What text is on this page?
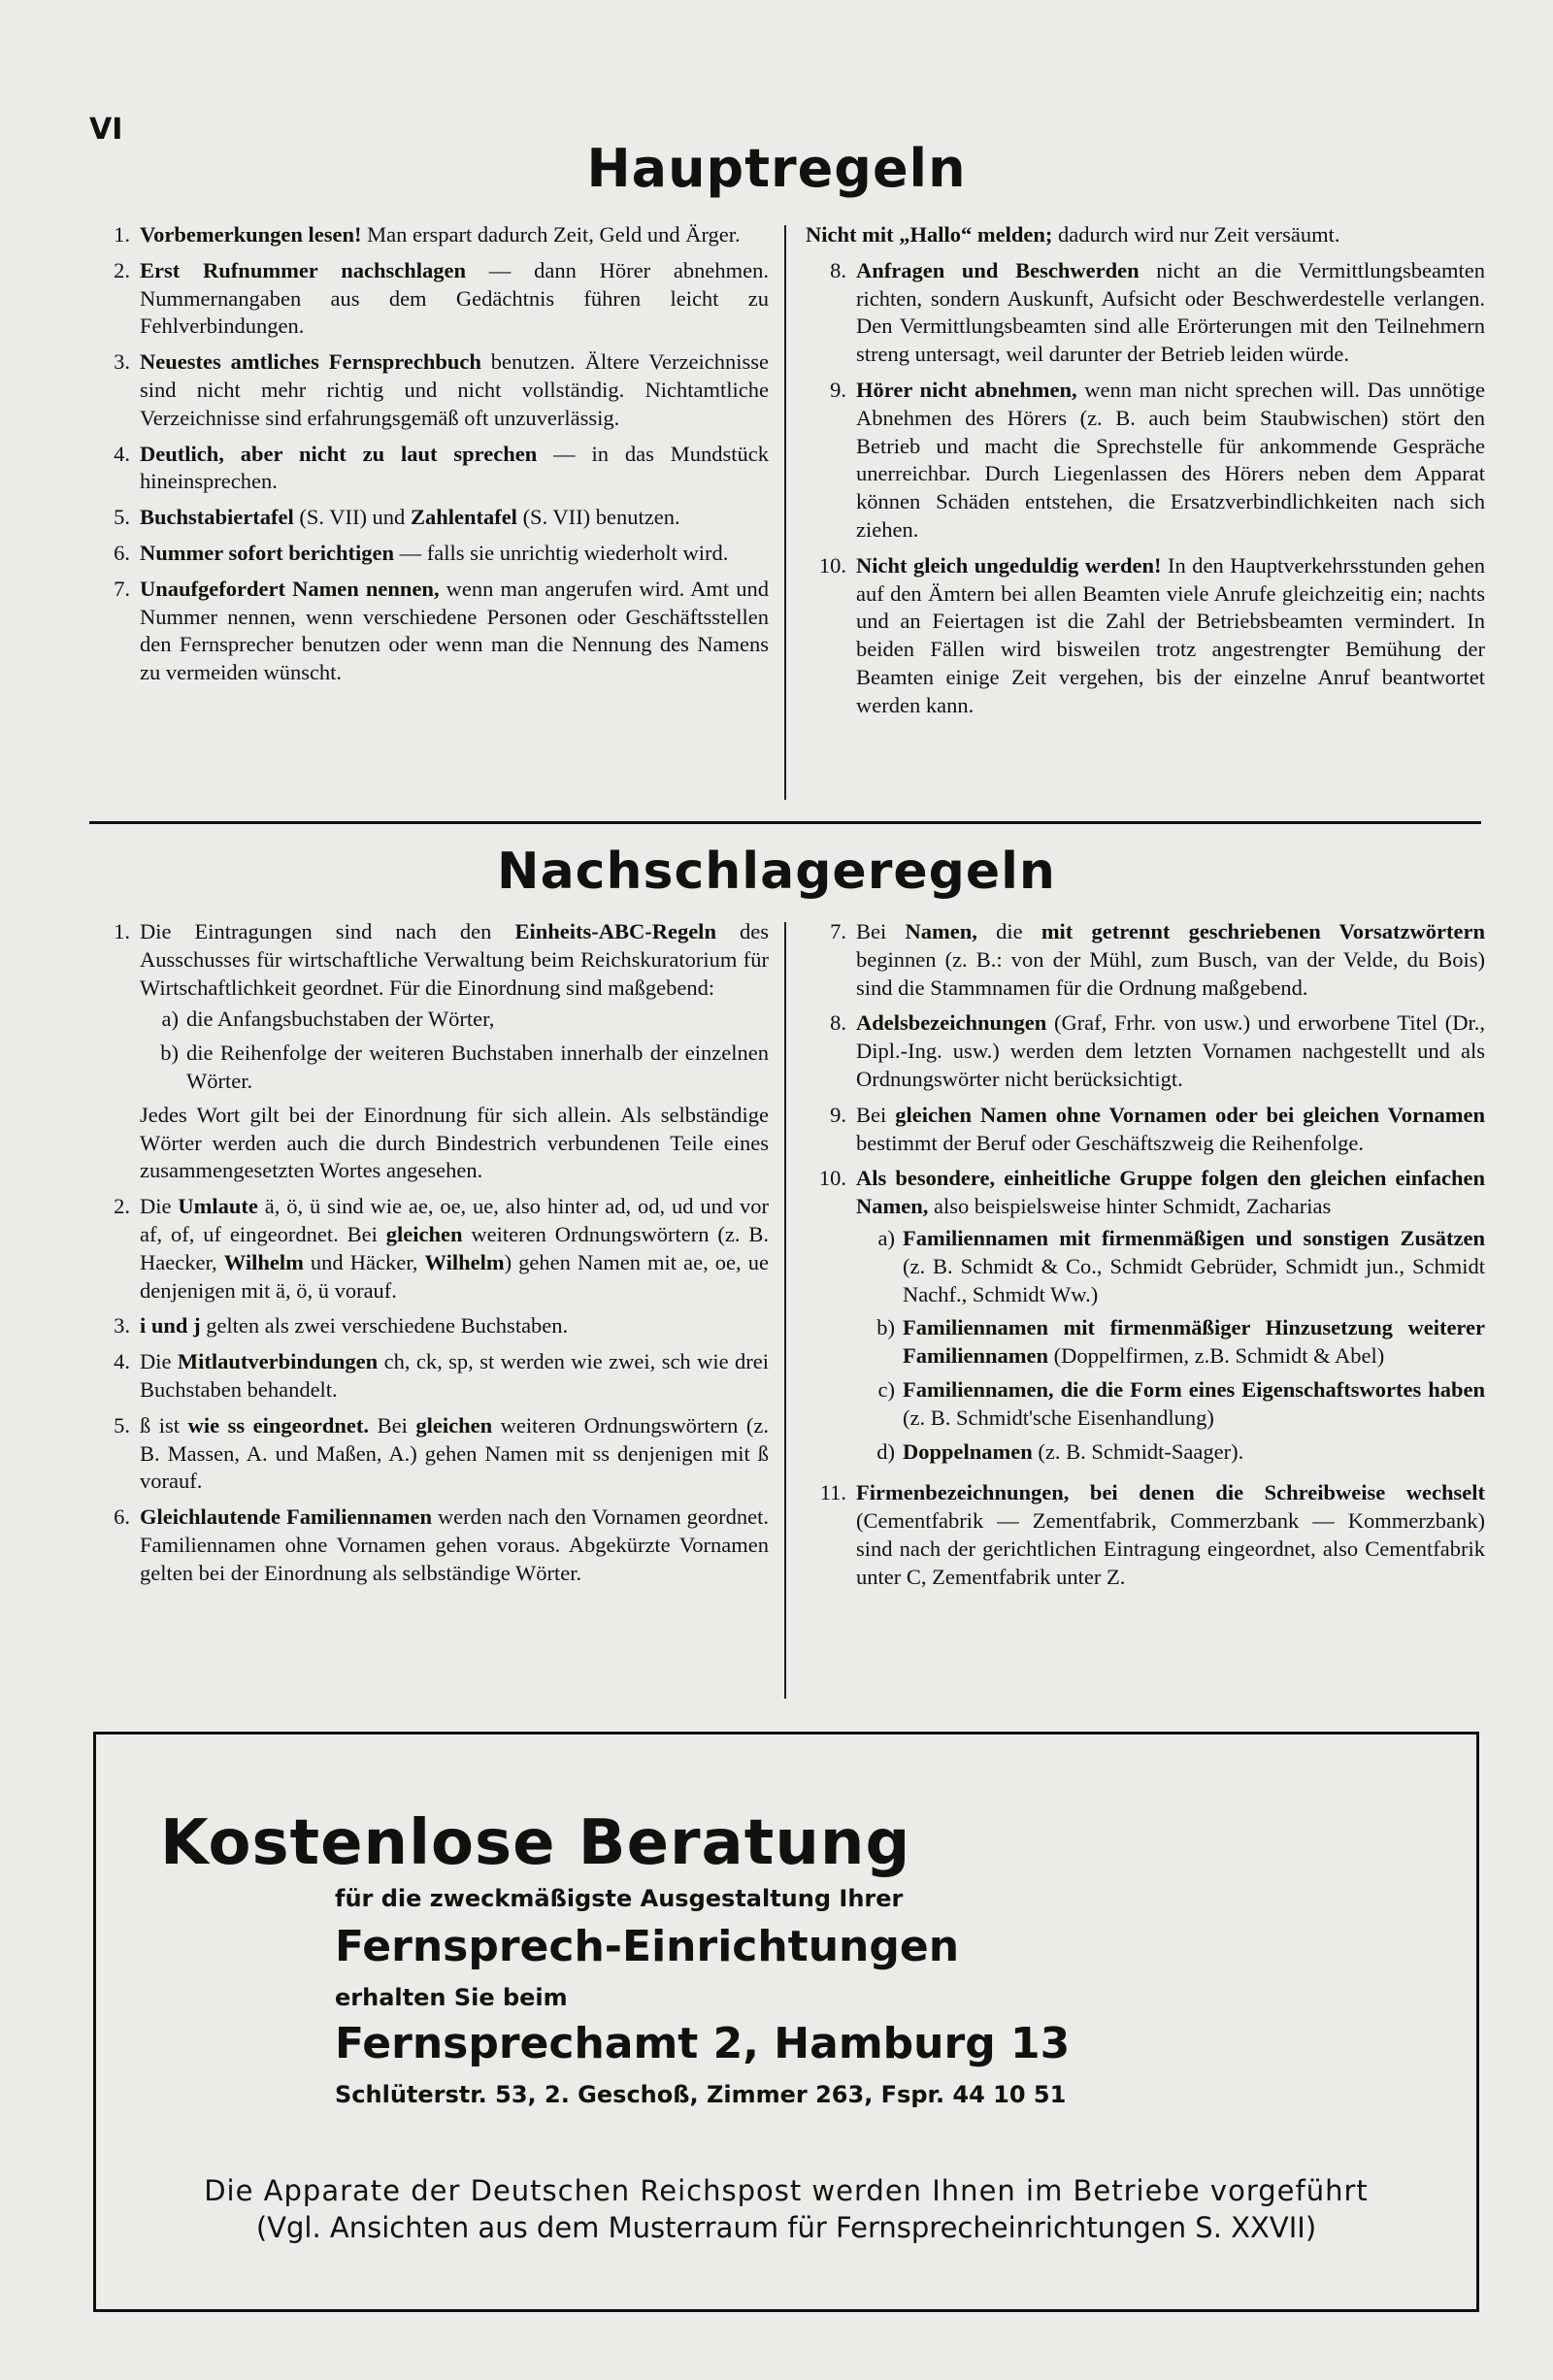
VI
Hauptregeln
1. Vorbemerkungen lesen! Man erspart dadurch Zeit, Geld und Ärger.
2. Erst Rufnummer nachschlagen — dann Hörer abnehmen. Nummernangaben aus dem Gedächtnis führen leicht zu Fehlverbindungen.
3. Neuestes amtliches Fernsprechbuch benutzen. Ältere Verzeichnisse sind nicht mehr richtig und nicht vollständig. Nichtamtliche Verzeichnisse sind erfahrungsgemäß oft unzuverlässig.
4. Deutlich, aber nicht zu laut sprechen — in das Mundstück hineinsprechen.
5. Buchstabiertafel (S. VII) und Zahlentafel (S. VII) benutzen.
6. Nummer sofort berichtigen — falls sie unrichtig wiederholt wird.
7. Unaufgefordert Namen nennen, wenn man angerufen wird. Amt und Nummer nennen, wenn verschiedene Personen oder Geschäftsstellen den Fernsprecher benutzen oder wenn man die Nennung des Namens zu vermeiden wünscht.
Nicht mit „Hallo“ melden; dadurch wird nur Zeit versäumt.
8. Anfragen und Beschwerden nicht an die Vermittlungsbeamten richten, sondern Auskunft, Aufsicht oder Beschwerdestelle verlangen. Den Vermittlungsbeamten sind alle Erörterungen mit den Teilnehmern streng untersagt, weil darunter der Betrieb leiden würde.
9. Hörer nicht abnehmen, wenn man nicht sprechen will. Das unnötige Abnehmen des Hörers (z. B. auch beim Staubwischen) stört den Betrieb und macht die Sprechstelle für ankommende Gespräche unerreichbar. Durch Liegenlassen des Hörers neben dem Apparat können Schäden entstehen, die Ersatzverbindlichkeiten nach sich ziehen.
10. Nicht gleich ungeduldig werden! In den Hauptverkehrsstunden gehen auf den Ämtern bei allen Beamten viele Anrufe gleichzeitig ein; nachts und an Feiertagen ist die Zahl der Betriebsbeamten vermindert. In beiden Fällen wird bisweilen trotz angestrengter Bemühung der Beamten einige Zeit vergehen, bis der einzelne Anruf beantwortet werden kann.
Nachschlageregeln
1. Die Eintragungen sind nach den Einheits-ABC-Regeln des Ausschusses für wirtschaftliche Verwaltung beim Reichskuratorium für Wirtschaftlichkeit geordnet. Für die Einordnung sind maßgebend:
a) die Anfangsbuchstaben der Wörter,
b) die Reihenfolge der weiteren Buchstaben innerhalb der einzelnen Wörter.
Jedes Wort gilt bei der Einordnung für sich allein. Als selbständige Wörter werden auch die durch Bindestrich verbundenen Teile eines zusammengesetzten Wortes angesehen.
2. Die Umlaute ä, ö, ü sind wie ae, oe, ue, also hinter ad, od, ud und vor af, of, uf eingeordnet. Bei gleichen weiteren Ordnungswörtern (z. B. Haecker, Wilhelm und Häcker, Wilhelm) gehen Namen mit ae, oe, ue denjenigen mit ä, ö, ü vorauf.
3. i und j gelten als zwei verschiedene Buchstaben.
4. Die Mitlautverbindungen ch, ck, sp, st werden wie zwei, sch wie drei Buchstaben behandelt.
5. ß ist wie ss eingeordnet. Bei gleichen weiteren Ordnungswörtern (z. B. Massen, A. und Maßen, A.) gehen Namen mit ss denjenigen mit ß vorauf.
6. Gleichlautende Familiennamen werden nach den Vornamen geordnet. Familiennamen ohne Vornamen gehen voraus. Abgekürzte Vornamen gelten bei der Einordnung als selbständige Wörter.
7. Bei Namen, die mit getrennt geschriebenen Vorsatzwörtern beginnen (z. B.: von der Mühl, zum Busch, van der Velde, du Bois) sind die Stammnamen für die Ordnung maßgebend.
8. Adelsbezeichnungen (Graf, Frhr. von usw.) und erworbene Titel (Dr., Dipl.-Ing. usw.) werden dem letzten Vornamen nachgestellt und als Ordnungswörter nicht berücksichtigt.
9. Bei gleichen Namen ohne Vornamen oder bei gleichen Vornamen bestimmt der Beruf oder Geschäftszweig die Reihenfolge.
10. Als besondere, einheitliche Gruppe folgen den gleichen einfachen Namen, also beispielsweise hinter Schmidt, Zacharias
a) Familiennamen mit firmenmäßigen und sonstigen Zusätzen (z. B. Schmidt & Co., Schmidt Gebrüder, Schmidt jun., Schmidt Nachf., Schmidt Ww.)
b) Familiennamen mit firmenmäßiger Hinzusetzung weiterer Familiennamen (Doppelfirmen, z.B. Schmidt & Abel)
c) Familiennamen, die die Form eines Eigenschaftswortes haben (z. B. Schmidt'sche Eisenhandlung)
d) Doppelnamen (z. B. Schmidt-Saager).
11. Firmenbezeichnungen, bei denen die Schreibweise wechselt (Cementfabrik — Zementfabrik, Commerzbank — Kommerzbank) sind nach der gerichtlichen Eintragung eingeordnet, also Cementfabrik unter C, Zementfabrik unter Z.
Kostenlose Beratung
für die zweckmäßigste Ausgestaltung Ihrer
Fernsprech-Einrichtungen
erhalten Sie beim
Fernsprechamt 2, Hamburg 13
Schlüterstr. 53, 2. Geschoß, Zimmer 263, Fspr. 44 10 51
Die Apparate der Deutschen Reichspost werden Ihnen im Betriebe vorgeführt
(Vgl. Ansichten aus dem Musterraum für Fernsprecheinrichtungen S. XXVII)
